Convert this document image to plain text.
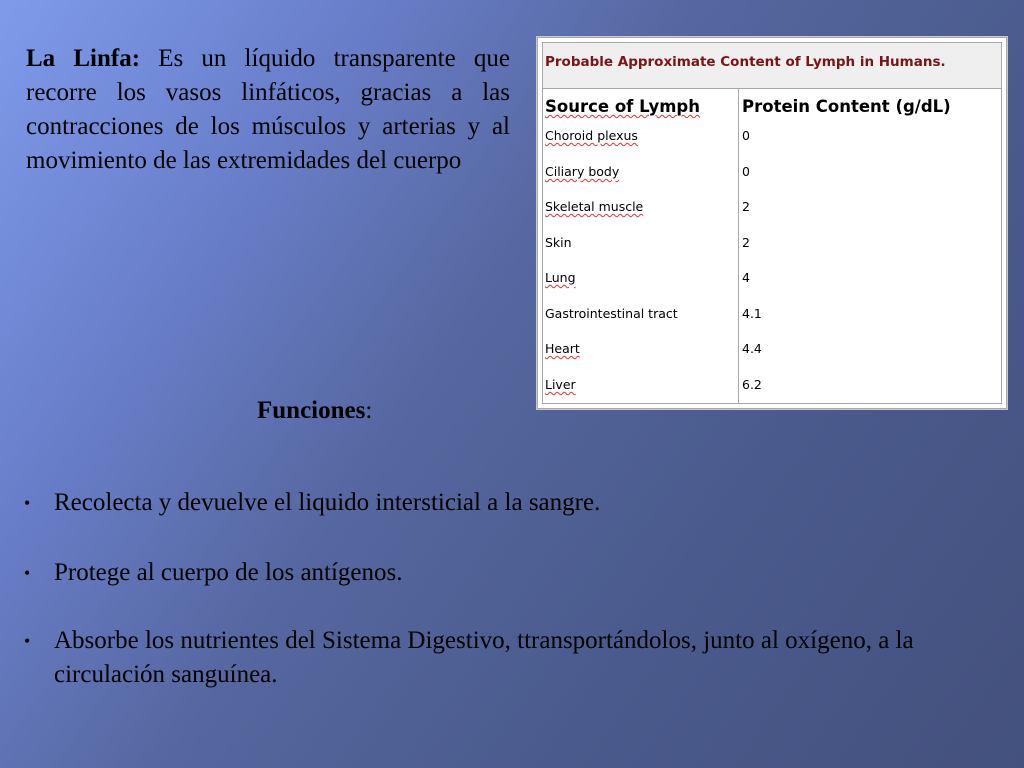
La Linfa: Es un líquido transparente que recorre los vasos linfáticos, gracias a las contracciones de los músculos y arterias y al movimiento de las extremidades del cuerpo
Probable Approximate Content of Lymph in Humans.
Source of Lymph	Protein Content (g/dL)
Choroid plexus	0
Ciliary body	0
Skeletal muscle	2
Skin	2
Lung	4
Gastrointestinal tract	4.1
Heart	4.4
Liver	6.2
Funciones:
• Recolecta y devuelve el liquido intersticial a la sangre.
• Protege al cuerpo de los antígenos.
• Absorbe los nutrientes del Sistema Digestivo, ttransportándolos, junto al oxígeno, a la circulación sanguínea.
